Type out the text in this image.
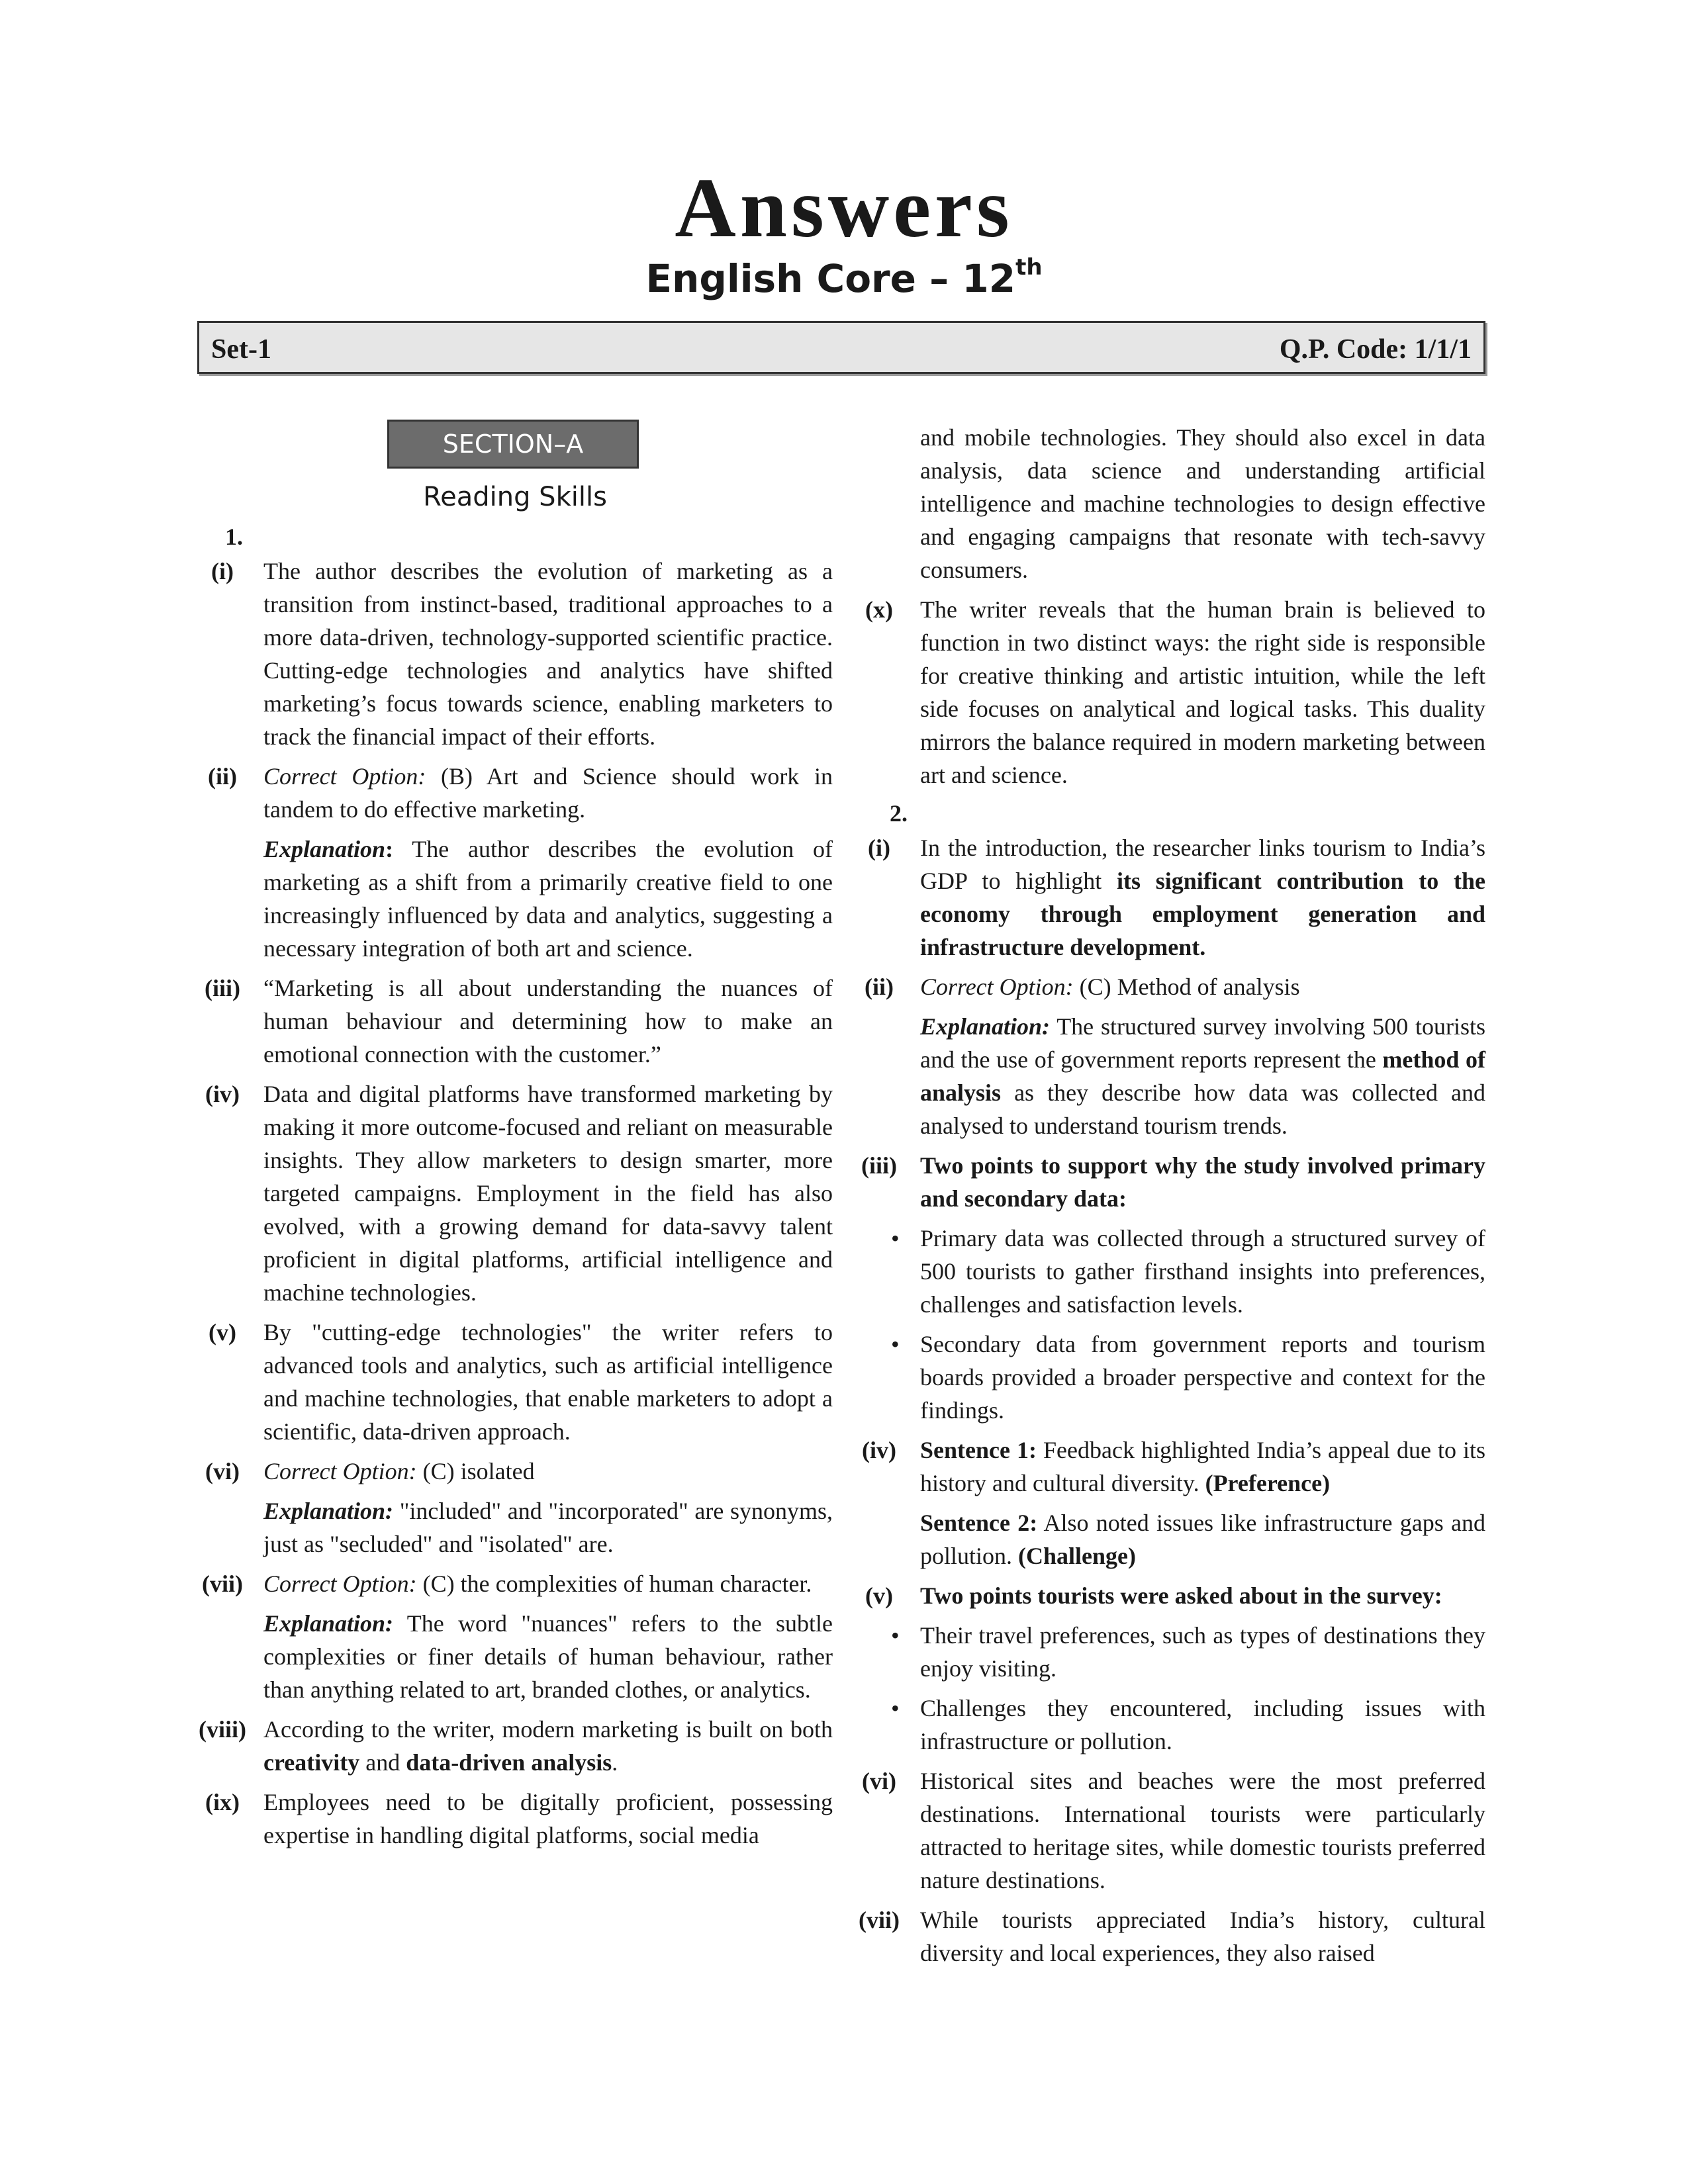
Answers
English Core – 12th
Set-1	Q.P. Code: 1/1/1
SECTION–A
Reading Skills
1.
(i)	The author describes the evolution of marketing as a transition from instinct-based, traditional approaches to a more data-driven, technology-supported scientific practice. Cutting-edge technologies and analytics have shifted marketing’s focus towards science, enabling marketers to track the financial impact of their efforts.

(ii)	Correct Option: (B) Art and Science should work in tandem to do effective marketing.

Explanation: The author describes the evolution of marketing as a shift from a primarily creative field to one increasingly influenced by data and analytics, suggesting a necessary integration of both art and science.

(iii) “Marketing is all about understanding the nuances of human behaviour and determining how to make an emotional connection with the customer.”

(iv)	Data and digital platforms have transformed marketing by making it more outcome-focused and reliant on measurable insights. They allow marketers to design smarter, more targeted campaigns. Employment in the field has also evolved, with a growing demand for data-savvy talent proficient in digital platforms, artificial intelligence and machine technologies.

(v)	By "cutting-edge technologies" the writer refers to advanced tools and analytics, such as artificial intelligence and machine technologies, that enable marketers to adopt a scientific, data-driven approach.

(vi)	Correct Option: (C) isolated

Explanation: "included" and "incorporated" are synonyms, just as "secluded" and "isolated" are.

(vii) Correct Option: (C) the complexities of human character.

Explanation: The word "nuances" refers to the subtle complexities or finer details of human behaviour, rather than anything related to art, branded clothes, or analytics.

(viii) According to the writer, modern marketing is built on both creativity and data-driven analysis.

(ix)	Employees need to be digitally proficient, possessing expertise in handling digital platforms, social media

and mobile technologies. They should also excel in data analysis, data science and understanding artificial intelligence and machine technologies to design effective and engaging campaigns that resonate with tech-savvy consumers.

(x)	The writer reveals that the human brain is believed to function in two distinct ways: the right side is responsible for creative thinking and artistic intuition, while the left side focuses on analytical and logical tasks. This duality mirrors the balance required in modern marketing between art and science.

2.
(i)	In the introduction, the researcher links tourism to India’s GDP to highlight its significant contribution to the economy through employment generation and infrastructure development.

(ii)	Correct Option: (C) Method of analysis

Explanation: The structured survey involving 500 tourists and the use of government reports represent the method of analysis as they describe how data was collected and analysed to understand tourism trends.

(iii) Two points to support why the study involved primary and secondary data:

• Primary data was collected through a structured survey of 500 tourists to gather firsthand insights into preferences, challenges and satisfaction levels.

• Secondary data from government reports and tourism boards provided a broader perspective and context for the findings.

(iv)	Sentence 1: Feedback highlighted India’s appeal due to its history and cultural diversity. (Preference)

Sentence 2: Also noted issues like infrastructure gaps and pollution. (Challenge)

(v)	Two points tourists were asked about in the survey:

• Their travel preferences, such as types of destinations they enjoy visiting.

• Challenges they encountered, including issues with infrastructure or pollution.

(vi)	Historical sites and beaches were the most preferred destinations. International tourists were particularly attracted to heritage sites, while domestic tourists preferred nature destinations.

(vii) While tourists appreciated India’s history, cultural diversity and local experiences, they also raised
